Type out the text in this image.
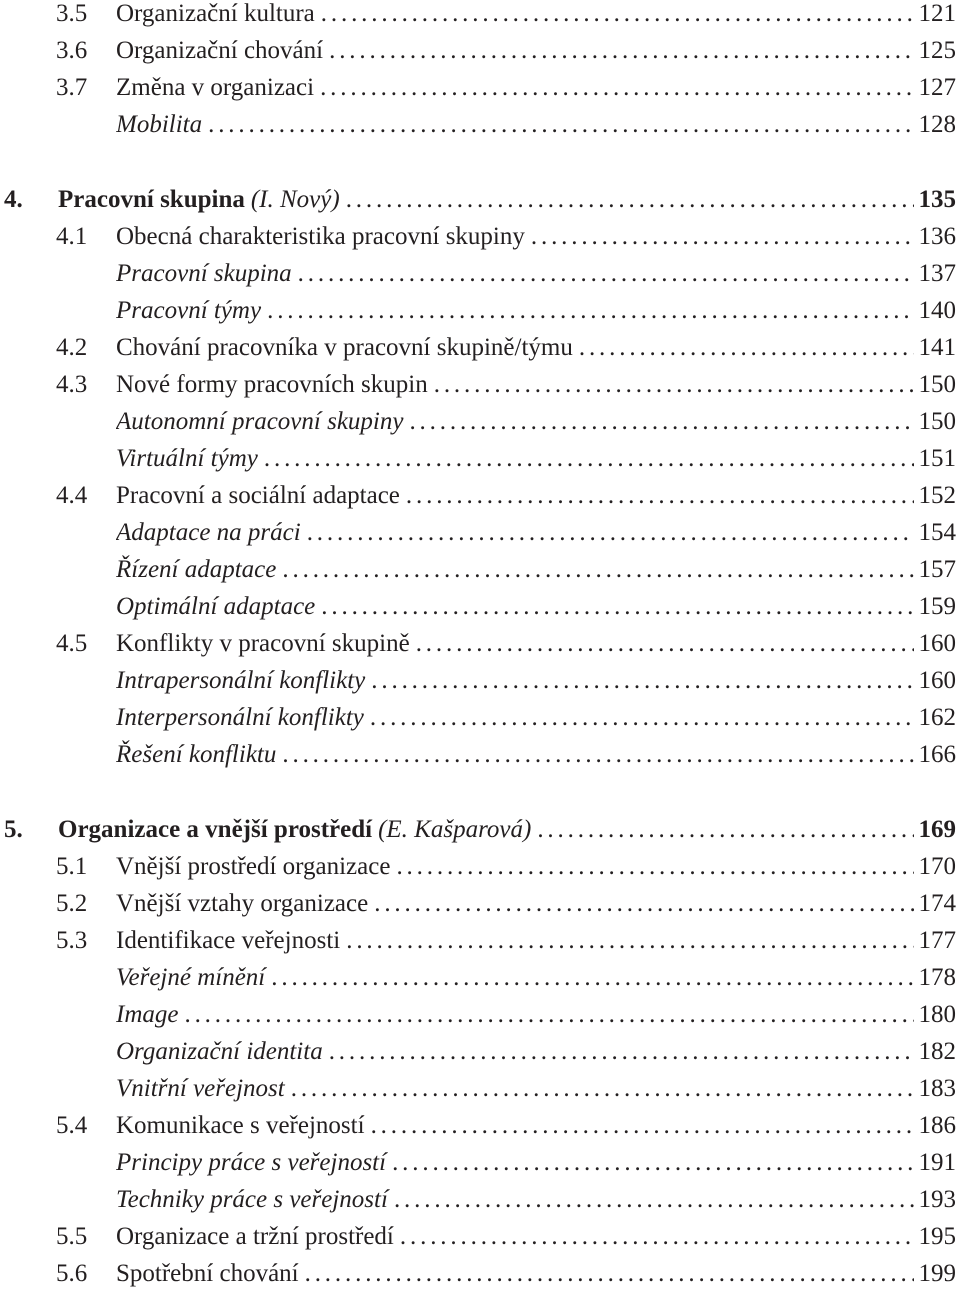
3.5 Organizační kultura . . .	121
3.6 Organizační chování . . .	125
3.7 Změna v organizaci . . .	127
Mobilita . . .	128
4. Pracovní skupina (I. Nový) . . .	135
4.1 Obecná charakteristika pracovní skupiny . . .	136
Pracovní skupina . . .	137
Pracovní týmy . . .	140
4.2 Chování pracovníka v pracovní skupině/týmu . . .	141
4.3 Nové formy pracovních skupin . . .	150
Autonomní pracovní skupiny . . .	150
Virtuální týmy . . .	151
4.4 Pracovní a sociální adaptace . . .	152
Adaptace na práci . . .	154
Řízení adaptace . . .	157
Optimální adaptace . . .	159
4.5 Konflikty v pracovní skupině . . .	160
Intrapersonální konflikty . . .	160
Interpersonální konflikty . . .	162
Řešení konfliktu . . .	166
5. Organizace a vnější prostředí (E. Kašparová) . . .	169
5.1 Vnější prostředí organizace . . .	170
5.2 Vnější vztahy organizace . . .	174
5.3 Identifikace veřejnosti . . .	177
Veřejné mínění . . .	178
Image . . .	180
Organizační identita . . .	182
Vnitřní veřejnost . . .	183
5.4 Komunikace s veřejností . . .	186
Principy práce s veřejností . . .	191
Techniky práce s veřejností . . .	193
5.5 Organizace a tržní prostředí . . .	195
5.6 Spotřební chování . . .	199
